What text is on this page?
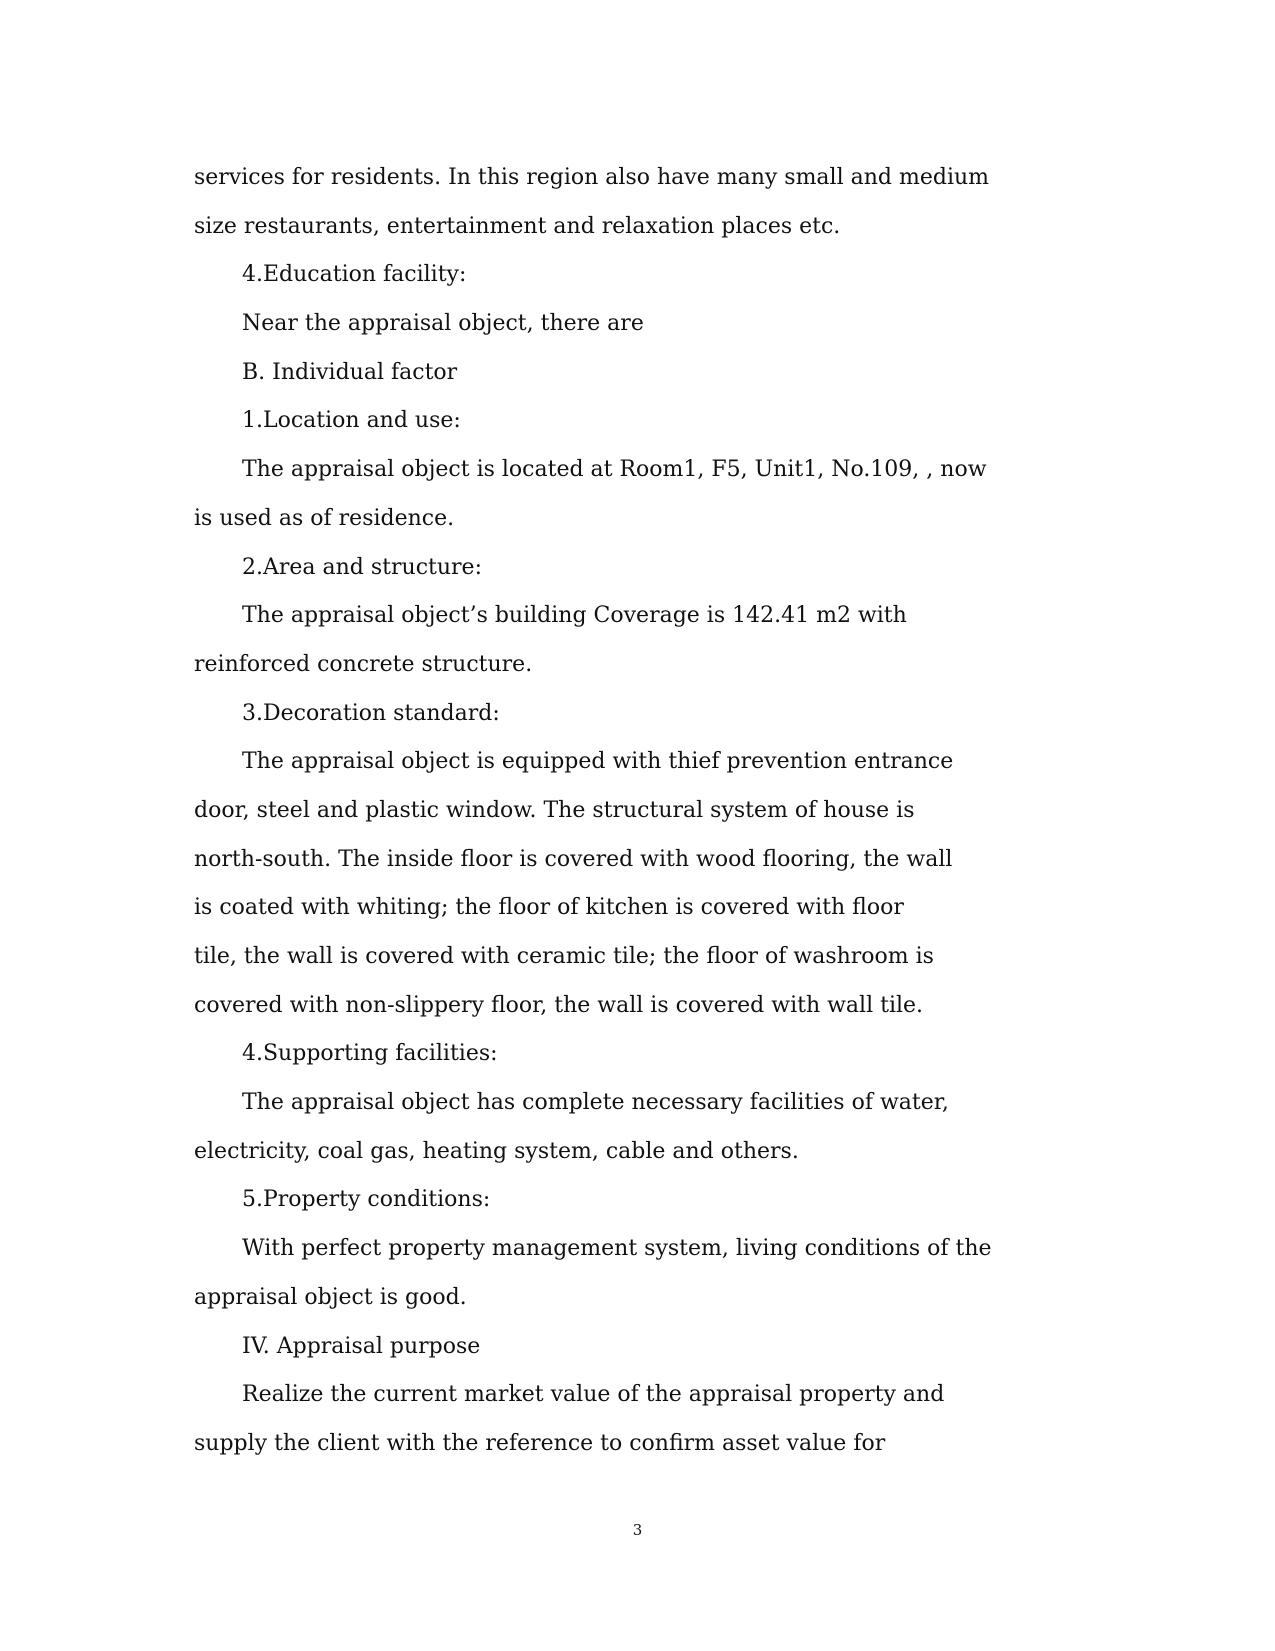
services for residents. In this region also have many small and medium
size restaurants, entertainment and relaxation places etc.
4.Education facility:
Near the appraisal object, there are
B. Individual factor
1.Location and use:
The appraisal object is located at Room1, F5, Unit1, No.109, , now
is used as of residence.
2.Area and structure:
The appraisal object’s building Coverage is 142.41 m2 with
reinforced concrete structure.
3.Decoration standard:
The appraisal object is equipped with thief prevention entrance
door, steel and plastic window. The structural system of house is
north-south. The inside floor is covered with wood flooring, the wall
is coated with whiting; the floor of kitchen is covered with floor
tile, the wall is covered with ceramic tile; the floor of washroom is
covered with non-slippery floor, the wall is covered with wall tile.
4.Supporting facilities:
The appraisal object has complete necessary facilities of water,
electricity, coal gas, heating system, cable and others.
5.Property conditions:
With perfect property management system, living conditions of the
appraisal object is good.
IV. Appraisal purpose
Realize the current market value of the appraisal property and
supply the client with the reference to confirm asset value for
3
